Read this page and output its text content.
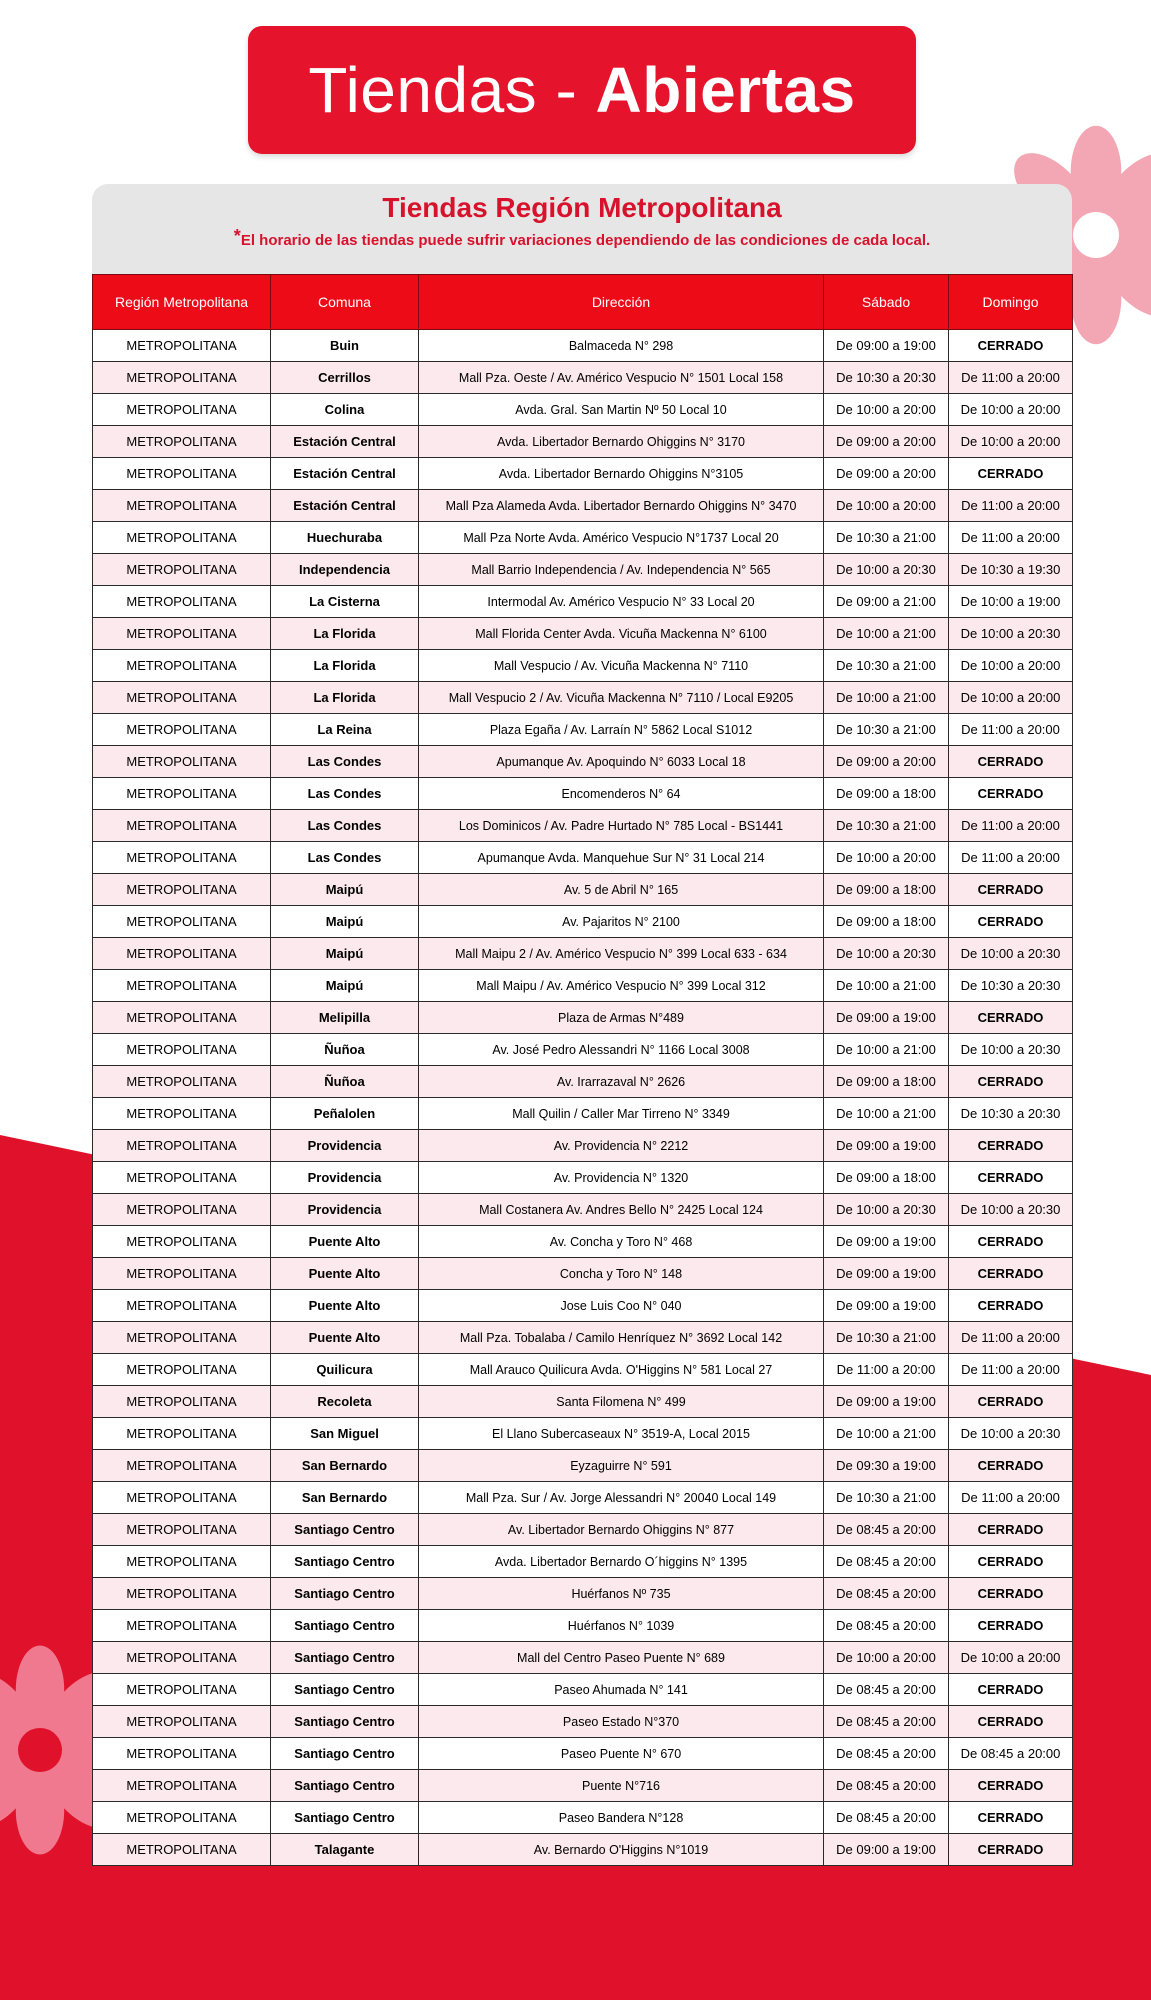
Tiendas -
Abiertas
Tiendas Región Metropolitana
*El horario de las tiendas puede sufrir variaciones dependiendo de las condiciones de cada local.
Región Metropolitana	Comuna	Dirección	Sábado	Domingo
METROPOLITANA	Buin	Balmaceda N° 298	De 09:00 a 19:00	CERRADO
METROPOLITANA	Cerrillos	Mall Pza. Oeste / Av. Américo Vespucio N° 1501 Local 158	De 10:30 a 20:30	De 11:00 a 20:00
METROPOLITANA	Colina	Avda. Gral. San Martin Nº 50 Local 10	De 10:00 a 20:00	De 10:00 a 20:00
METROPOLITANA	Estación Central	Avda. Libertador Bernardo Ohiggins N° 3170	De 09:00 a 20:00	De 10:00 a 20:00
METROPOLITANA	Estación Central	Avda. Libertador Bernardo Ohiggins N°3105	De 09:00 a 20:00	CERRADO
METROPOLITANA	Estación Central	Mall Pza Alameda Avda. Libertador Bernardo Ohiggins N° 3470	De 10:00 a 20:00	De 11:00 a 20:00
METROPOLITANA	Huechuraba	Mall Pza Norte Avda. Américo Vespucio N°1737 Local 20	De 10:30 a 21:00	De 11:00 a 20:00
METROPOLITANA	Independencia	Mall Barrio Independencia / Av. Independencia N° 565	De 10:00 a 20:30	De 10:30 a 19:30
METROPOLITANA	La Cisterna	Intermodal Av. Américo Vespucio N° 33 Local 20	De 09:00 a 21:00	De 10:00 a 19:00
METROPOLITANA	La Florida	Mall Florida Center Avda. Vicuña Mackenna N° 6100	De 10:00 a 21:00	De 10:00 a 20:30
METROPOLITANA	La Florida	Mall Vespucio / Av. Vicuña Mackenna N° 7110	De 10:30 a 21:00	De 10:00 a 20:00
METROPOLITANA	La Florida	Mall Vespucio 2 / Av. Vicuña Mackenna N° 7110 / Local E9205	De 10:00 a 21:00	De 10:00 a 20:00
METROPOLITANA	La Reina	Plaza Egaña / Av. Larraín N° 5862 Local S1012	De 10:30 a 21:00	De 11:00 a 20:00
METROPOLITANA	Las Condes	Apumanque Av. Apoquindo N° 6033 Local 18	De 09:00 a 20:00	CERRADO
METROPOLITANA	Las Condes	Encomenderos N° 64	De 09:00 a 18:00	CERRADO
METROPOLITANA	Las Condes	Los Dominicos / Av. Padre Hurtado N° 785 Local - BS1441	De 10:30 a 21:00	De 11:00 a 20:00
METROPOLITANA	Las Condes	Apumanque Avda. Manquehue Sur N° 31 Local 214	De 10:00 a 20:00	De 11:00 a 20:00
METROPOLITANA	Maipú	Av. 5 de Abril N° 165	De 09:00 a 18:00	CERRADO
METROPOLITANA	Maipú	Av. Pajaritos N° 2100	De 09:00 a 18:00	CERRADO
METROPOLITANA	Maipú	Mall Maipu 2 / Av. Américo Vespucio N° 399 Local 633 - 634	De 10:00 a 20:30	De 10:00 a 20:30
METROPOLITANA	Maipú	Mall Maipu / Av. Américo Vespucio N° 399 Local 312	De 10:00 a 21:00	De 10:30 a 20:30
METROPOLITANA	Melipilla	Plaza de Armas N°489	De 09:00 a 19:00	CERRADO
METROPOLITANA	Ñuñoa	Av. José Pedro Alessandri N° 1166 Local 3008	De 10:00 a 21:00	De 10:00 a 20:30
METROPOLITANA	Ñuñoa	Av. Irarrazaval N° 2626	De 09:00 a 18:00	CERRADO
METROPOLITANA	Peñalolen	Mall Quilin / Caller Mar Tirreno N° 3349	De 10:00 a 21:00	De 10:30 a 20:30
METROPOLITANA	Providencia	Av. Providencia N° 2212	De 09:00 a 19:00	CERRADO
METROPOLITANA	Providencia	Av. Providencia N° 1320	De 09:00 a 18:00	CERRADO
METROPOLITANA	Providencia	Mall Costanera Av. Andres Bello N° 2425 Local 124	De 10:00 a 20:30	De 10:00 a 20:30
METROPOLITANA	Puente Alto	Av. Concha y Toro N° 468	De 09:00 a 19:00	CERRADO
METROPOLITANA	Puente Alto	Concha y Toro N° 148	De 09:00 a 19:00	CERRADO
METROPOLITANA	Puente Alto	Jose Luis Coo N° 040	De 09:00 a 19:00	CERRADO
METROPOLITANA	Puente Alto	Mall Pza. Tobalaba / Camilo Henríquez N° 3692 Local 142	De 10:30 a 21:00	De 11:00 a 20:00
METROPOLITANA	Quilicura	Mall Arauco Quilicura Avda. O'Higgins N° 581 Local 27	De 11:00 a 20:00	De 11:00 a 20:00
METROPOLITANA	Recoleta	Santa Filomena N° 499	De 09:00 a 19:00	CERRADO
METROPOLITANA	San Miguel	El Llano Subercaseaux N° 3519-A, Local 2015	De 10:00 a 21:00	De 10:00 a 20:30
METROPOLITANA	San Bernardo	Eyzaguirre N° 591	De 09:30 a 19:00	CERRADO
METROPOLITANA	San Bernardo	Mall Pza. Sur / Av. Jorge Alessandri N° 20040 Local 149	De 10:30 a 21:00	De 11:00 a 20:00
METROPOLITANA	Santiago Centro	Av. Libertador Bernardo Ohiggins N° 877	De 08:45 a 20:00	CERRADO
METROPOLITANA	Santiago Centro	Avda. Libertador Bernardo O´higgins N° 1395	De 08:45 a 20:00	CERRADO
METROPOLITANA	Santiago Centro	Huérfanos Nº 735	De 08:45 a 20:00	CERRADO
METROPOLITANA	Santiago Centro	Huérfanos N° 1039	De 08:45 a 20:00	CERRADO
METROPOLITANA	Santiago Centro	Mall del Centro Paseo Puente N° 689	De 10:00 a 20:00	De 10:00 a 20:00
METROPOLITANA	Santiago Centro	Paseo Ahumada N° 141	De 08:45 a 20:00	CERRADO
METROPOLITANA	Santiago Centro	Paseo Estado N°370	De 08:45 a 20:00	CERRADO
METROPOLITANA	Santiago Centro	Paseo Puente N° 670	De 08:45 a 20:00	De 08:45 a 20:00
METROPOLITANA	Santiago Centro	Puente N°716	De 08:45 a 20:00	CERRADO
METROPOLITANA	Santiago Centro	Paseo Bandera N°128	De 08:45 a 20:00	CERRADO
METROPOLITANA	Talagante	Av. Bernardo O'Higgins N°1019	De 09:00 a 19:00	CERRADO
